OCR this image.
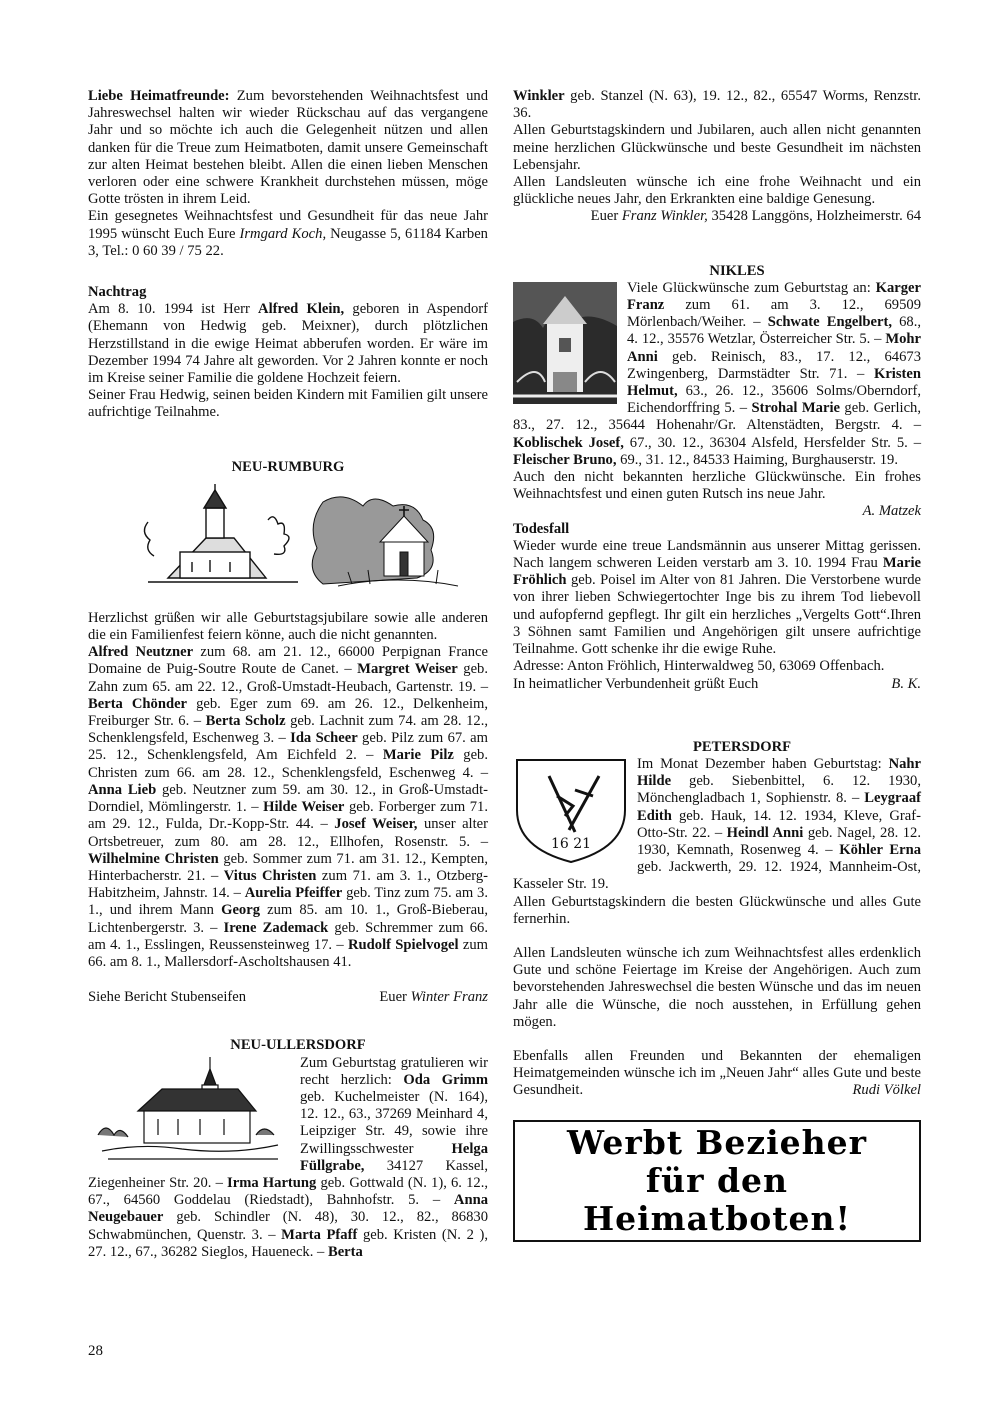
Liebe Heimatfreunde: Zum bevorstehenden Weihnachtsfest und Jahreswechsel halten wir wieder Rückschau auf das vergangene Jahr und so möchte ich auch die Gelegenheit nützen und allen danken für die Treue zum Heimatboten, damit unsere Gemeinschaft zur alten Heimat bestehen bleibt. Allen die einen lieben Menschen verloren oder eine schwere Krankheit durchstehen müssen, möge Gotte trösten in ihrem Leid.

Ein gesegnetes Weihnachtsfest und Gesundheit für das neue Jahr 1995 wünscht Euch Eure Irmgard Koch, Neugasse 5, 61184 Karben 3, Tel.: 0 60 39 / 75 22.

Nachtrag

Am 8. 10. 1994 ist Herr Alfred Klein, geboren in Aspendorf (Ehemann von Hedwig geb. Meixner), durch plötzlichen Herzstillstand in die ewige Heimat abberufen worden. Er wäre im Dezember 1994 74 Jahre alt geworden. Vor 2 Jahren konnte er noch im Kreise seiner Familie die goldene Hochzeit feiern.

Seiner Frau Hedwig, seinen beiden Kindern mit Familien gilt unsere aufrichtige Teilnahme.

NEU-RUMBURG

Herzlichst grüßen wir alle Geburtstagsjubilare sowie alle anderen die ein Familienfest feiern könne, auch die nicht genannten.

Alfred Neutzner zum 68. am 21. 12., 66000 Perpignan France Domaine de Puig-Soutre Route de Canet. – Margret Weiser geb. Zahn zum 65. am 22. 12., Groß-Umstadt-Heubach, Gartenstr. 19. – Berta Chönder geb. Eger zum 69. am 26. 12., Delkenheim, Freiburger Str. 6. – Berta Scholz geb. Lachnit zum 74. am 28. 12., Schenklengsfeld, Eschenweg 3. – Ida Scheer geb. Pilz zum 67. am 25. 12., Schenklengsfeld, Am Eichfeld 2. – Marie Pilz geb. Christen zum 66. am 28. 12., Schenklengsfeld, Eschenweg 4. – Anna Lieb geb. Neutzner zum 59. am 30. 12., in Groß-Umstadt-Dorndiel, Mömlingerstr. 1. – Hilde Weiser geb. Forberger zum 71. am 29. 12., Fulda, Dr.-Kopp-Str. 44. – Josef Weiser, unser alter Ortsbetreuer, zum 80. am 28. 12., Ellhofen, Rosenstr. 5. – Wilhelmine Christen geb. Sommer zum 71. am 31. 12., Kempten, Hinterbacherstr. 21. – Vitus Christen zum 71. am 3. 1., Otzberg-Habitzheim, Jahnstr. 14. – Aurelia Pfeiffer geb. Tinz zum 75. am 3. 1., und ihrem Mann Georg zum 85. am 10. 1., Groß-Bieberau, Lichtenbergerstr. 3. – Irene Zademack geb. Schremmer zum 66. am 4. 1., Esslingen, Reussensteinweg 17. – Rudolf Spielvogel zum 66. am 8. 1., Mallersdorf-Ascholtshausen 41.

Siehe Bericht Stubenseifen	Euer Winter Franz

NEU-ULLERSDORF

Zum Geburtstag gratulieren wir recht herzlich: Oda Grimm geb. Kuchelmeister (N. 164), 12. 12., 63., 37269 Meinhard 4, Leipziger Str. 49, sowie ihre Zwillingsschwester Helga Füllgrabe, 34127 Kassel, Ziegenheiner Str. 20. – Irma Hartung geb. Gottwald (N. 1), 6. 12., 67., 64560 Goddelau (Riedstadt), Bahnhofstr. 5. – Anna Neugebauer geb. Schindler (N. 48), 30. 12., 82., 86830 Schwabmünchen, Quenstr. 3. – Marta Pfaff geb. Kristen (N. 2 ), 27. 12., 67., 36282 Sieglos, Haueneck. – Berta

Winkler geb. Stanzel (N. 63), 19. 12., 82., 65547 Worms, Renzstr. 36.

Allen Geburtstagskindern und Jubilaren, auch allen nicht genannten meine herzlichen Glückwünsche und beste Gesundheit im nächsten Lebensjahr.

Allen Landsleuten wünsche ich eine frohe Weihnacht und ein glückliche neues Jahr, den Erkrankten eine baldige Genesung.

Euer Franz Winkler, 35428 Langgöns, Holzheimerstr. 64

NIKLES

Viele Glückwünsche zum Geburtstag an: Karger Franz zum 61. am 3. 12., 69509 Mörlenbach/Weiher. – Schwate Engelbert, 68., 4. 12., 35576 Wetzlar, Österreicher Str. 5. – Mohr Anni geb. Reinisch, 83., 17. 12., 64673 Zwingenberg, Darmstädter Str. 71. – Kristen Helmut, 63., 26. 12., 35606 Solms/Oberndorf, Eichendorffring 5. – Strohal Marie geb. Gerlich, 83., 27. 12., 35644 Hohenahr/Gr. Altenstädten, Bergstr. 4. – Koblischek Josef, 67., 30. 12., 36304 Alsfeld, Hersfelder Str. 5. – Fleischer Bruno, 69., 31. 12., 84533 Haiming, Burghauserstr. 19.

Auch den nicht bekannten herzliche Glückwünsche. Ein frohes Weihnachtsfest und einen guten Rutsch ins neue Jahr.

A. Matzek

Todesfall

Wieder wurde eine treue Landsmännin aus unserer Mittag gerissen. Nach langem schweren Leiden verstarb am 3. 10. 1994 Frau Marie Fröhlich geb. Poisel im Alter von 81 Jahren. Die Verstorbene wurde von ihrer lieben Schwiegertochter Inge bis zu ihrem Tod liebevoll und aufopfernd gepflegt. Ihr gilt ein herzliches „Vergelts Gott“.Ihren 3 Söhnen samt Familien und Angehörigen gilt unsere aufrichtige Teilnahme. Gott schenke ihr die ewige Ruhe.

Adresse: Anton Fröhlich, Hinterwaldweg 50, 63069 Offenbach.

In heimatlicher Verbundenheit grüßt Euch	B. K.

PETERSDORF

16 21

Im Monat Dezember haben Geburtstag: Nahr Hilde geb. Siebenbittel, 6. 12. 1930, Mönchengladbach 1, Sophienstr. 8. – Leygraaf Edith geb. Hauk, 14. 12. 1934, Kleve, Graf-Otto-Str. 22. – Heindl Anni geb. Nagel, 28. 12. 1930, Kemnath, Rosenweg 4. – Köhler Erna geb. Jackwerth, 29. 12. 1924, Mannheim-Ost, Kasseler Str. 19.

Allen Geburtstagskindern die besten Glückwünsche und alles Gute fernerhin.

Allen Landsleuten wünsche ich zum Weihnachtsfest alles erdenklich Gute und schöne Feiertage im Kreise der Angehörigen. Auch zum bevorstehenden Jahreswechsel die besten Wünsche und das im neuen Jahr alle die Wünsche, die noch ausstehen, in Erfüllung gehen mögen.

Ebenfalls allen Freunden und Bekannten der ehemaligen Heimatgemeinden wünsche ich im „Neuen Jahr“ alles Gute und beste Gesundheit.	Rudi Völkel

Werbt Bezieher
für den
Heimatboten!
28
